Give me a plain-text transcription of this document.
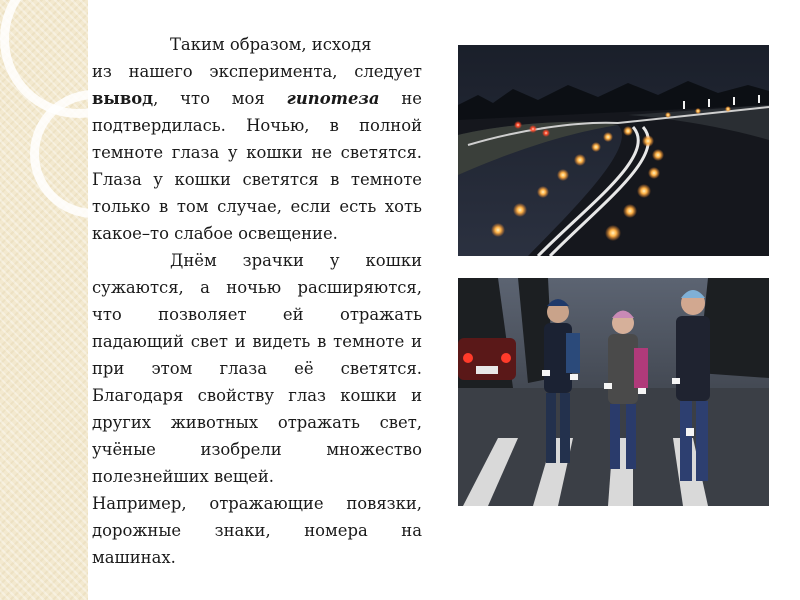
Таким образом, исходя

из нашего эксперимента, следует вывод, что моя гипотеза не подтвердилась. Ночью, в полной темноте глаза у кошки не светятся. Глаза у кошки светятся в темноте только в том случае, если есть хоть какое–то слабое освещение.

Днём зрачки у кошки сужаются, а ночью расширяются, что позволяет ей отражать падающий свет и видеть в темноте и при этом глаза её светятся. Благодаря свойству глаз кошки и других животных отражать свет, учёные изобрели множество полезнейших вещей.

Например, отражающие повязки, дорожные знаки, номера на машинах.
